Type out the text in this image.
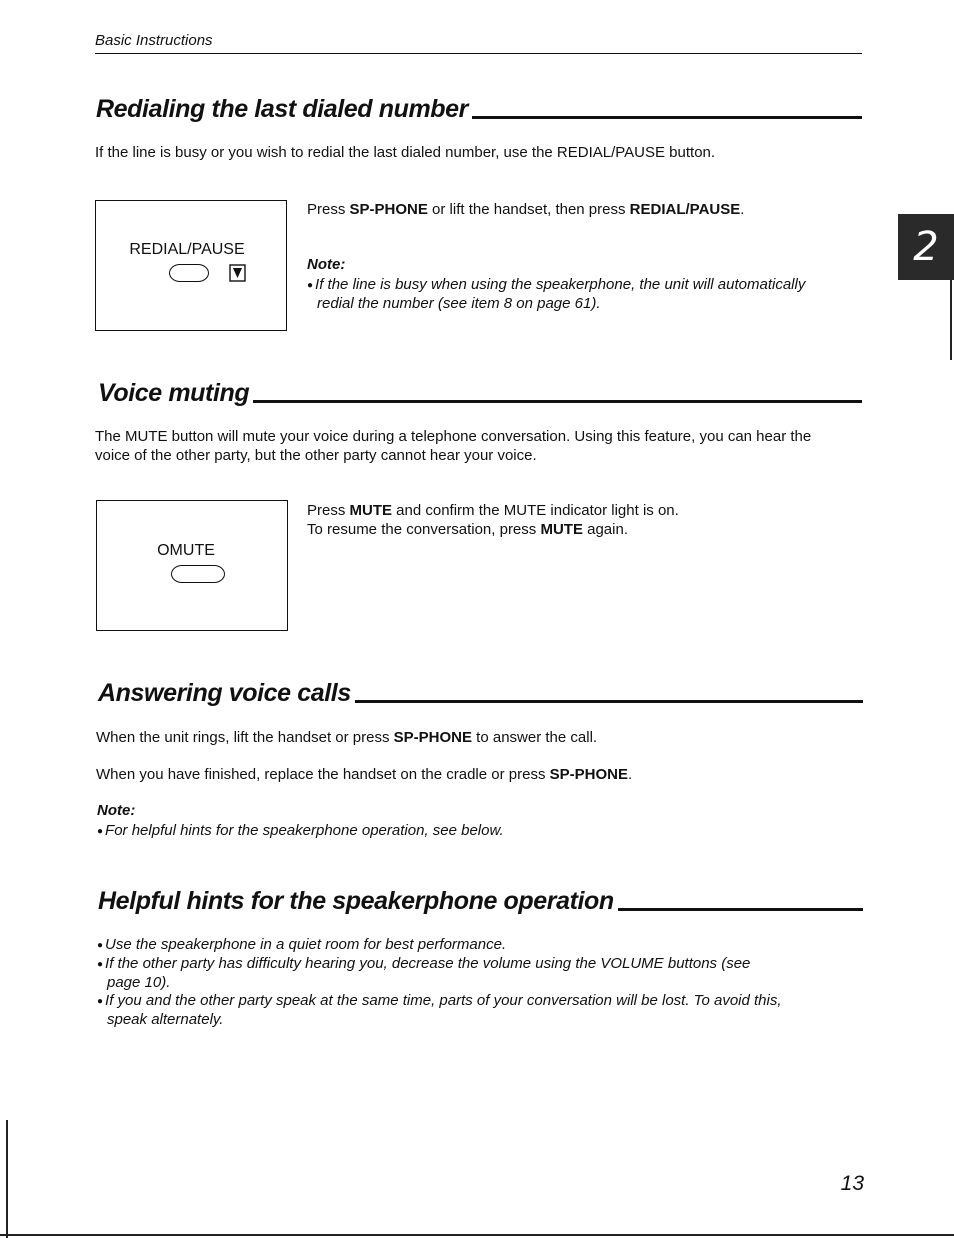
Basic Instructions
2
Redialing the last dialed number
If the line is busy or you wish to redial the last dialed number, use the REDIAL/PAUSE button.
REDIAL/PAUSE
Press SP-PHONE or lift the handset, then press REDIAL/PAUSE.
Note:
● If the line is busy when using the speakerphone, the unit will automatically
redial the number (see item 8 on page 61).
Voice muting
The MUTE button will mute your voice during a telephone conversation. Using this feature, you can hear the
voice of the other party, but the other party cannot hear your voice.
OMUTE
Press MUTE and confirm the MUTE indicator light is on.
To resume the conversation, press MUTE again.
Answering voice calls
When the unit rings, lift the handset or press SP-PHONE to answer the call.
When you have finished, replace the handset on the cradle or press SP-PHONE.
Note:
● For helpful hints for the speakerphone operation, see below.
Helpful hints for the speakerphone operation
● Use the speakerphone in a quiet room for best performance.
● If the other party has difficulty hearing you, decrease the volume using the VOLUME buttons (see
page 10).
● If you and the other party speak at the same time, parts of your conversation will be lost. To avoid this,
speak alternately.
13
